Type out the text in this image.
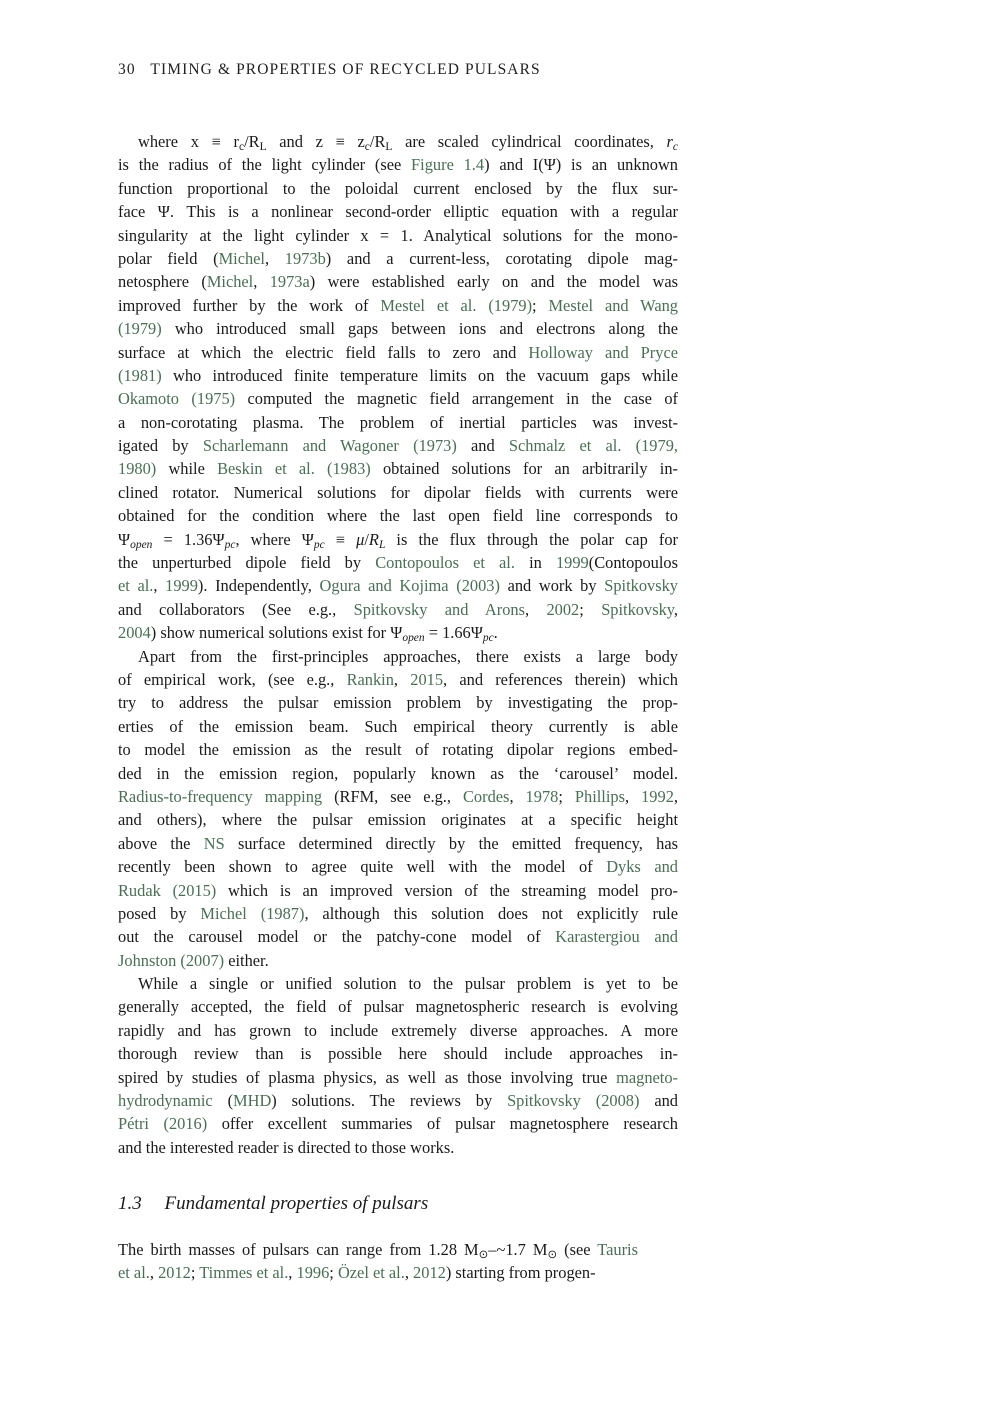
30 TIMING & PROPERTIES OF RECYCLED PULSARS
where $x \equiv r_c/R_L$ and $z \equiv z_c/R_L$ are scaled cylindrical coordinates, $r_c$
is the radius of the light cylinder (see Figure 1.4) and I(Ψ) is an unknown
function proportional to the poloidal current enclosed by the flux sur-
face Ψ. This is a nonlinear second-order elliptic equation with a regular
singularity at the light cylinder x = 1. Analytical solutions for the mono-
polar field (Michel, 1973b) and a current-less, corotating dipole mag-
netosphere (Michel, 1973a) were established early on and the model was
improved further by the work of Mestel et al. (1979); Mestel and Wang
(1979) who introduced small gaps between ions and electrons along the
surface at which the electric field falls to zero and Holloway and Pryce
(1981) who introduced finite temperature limits on the vacuum gaps while
Okamoto (1975) computed the magnetic field arrangement in the case of
a non-corotating plasma. The problem of inertial particles was invest-
igated by Scharlemann and Wagoner (1973) and Schmalz et al. (1979,
1980) while Beskin et al. (1983) obtained solutions for an arbitrarily in-
clined rotator. Numerical solutions for dipolar fields with currents were
obtained for the condition where the last open field line corresponds to
$\Psi_{open} = 1.36\Psi_{pc}$, where $\Psi_{pc} \equiv \mu/R_L$ is the flux through the polar cap for
the unperturbed dipole field by Contopoulos et al. in 1999(Contopoulos
et al., 1999). Independently, Ogura and Kojima (2003) and work by Spitkovsky
and collaborators (See e.g., Spitkovsky and Arons, 2002; Spitkovsky,
2004) show numerical solutions exist for $\Psi_{open} = 1.66\Psi_{pc}$.
Apart from the first-principles approaches, there exists a large body
of empirical work, (see e.g., Rankin, 2015, and references therein) which
try to address the pulsar emission problem by investigating the prop-
erties of the emission beam. Such empirical theory currently is able
to model the emission as the result of rotating dipolar regions embed-
ded in the emission region, popularly known as the ‘carousel’ model.
Radius-to-frequency mapping (RFM, see e.g., Cordes, 1978; Phillips, 1992,
and others), where the pulsar emission originates at a specific height
above the NS surface determined directly by the emitted frequency, has
recently been shown to agree quite well with the model of Dyks and
Rudak (2015) which is an improved version of the streaming model pro-
posed by Michel (1987), although this solution does not explicitly rule
out the carousel model or the patchy-cone model of Karastergiou and
Johnston (2007) either.
While a single or unified solution to the pulsar problem is yet to be
generally accepted, the field of pulsar magnetospheric research is evolving
rapidly and has grown to include extremely diverse approaches. A more
thorough review than is possible here should include approaches in-
spired by studies of plasma physics, as well as those involving true magneto-
hydrodynamic (MHD) solutions. The reviews by Spitkovsky (2008) and
Pétri (2016) offer excellent summaries of pulsar magnetosphere research
and the interested reader is directed to those works.
1.3 Fundamental properties of pulsars
The birth masses of pulsars can range from 1.28 $M_⊙-\sim 1.7$ $M_⊙$ (see Tauris
et al., 2012; Timmes et al., 1996; Özel et al., 2012) starting from progen-
